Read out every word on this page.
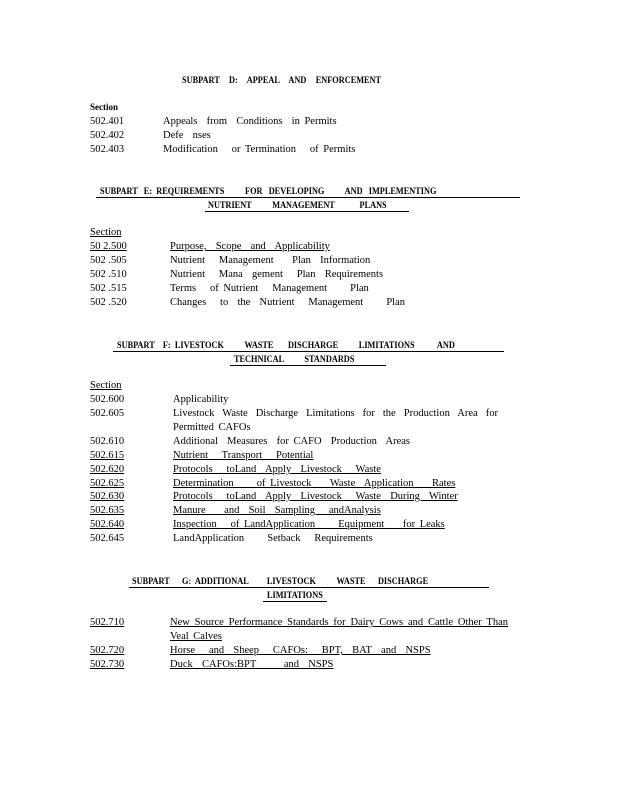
SUBPART D: APPEAL AND ENFORCEMENT
Section
502.401	Appeals  from  Conditions  in Permits
502.402	Defe  nses
502.403	Modification   or Termination   of Permits
SUBPART   E:  REQUIREMENTS          FOR   DEVELOPING          AND   IMPLEMENTING
NUTRIENT          MANAGEMENT            PLANS
Section
50 2.500	Purpose,  Scope  and  Applicability
502 .505	Nutrient   Management    Plan  Information
502 .510	Nutrient   Mana  gement   Plan  Requirements
502 .515	Terms   of Nutrient   Management     Plan
502 .520	Changes   to  the  Nutrient   Management     Plan
SUBPART    F:  LIVESTOCK          WASTE       DISCHARGE          LIMITATIONS           AND
TECHNICAL          STANDARDS
Section
502.600	Applicability
502.605	Livestock Waste Discharge Limitations for the Production Area for Permitted CAFOs
502.610	Additional  Measures  for CAFO  Production  Areas
502.615	Nutrient   Transport   Potential
502.620	Protocols   toLand  Apply  Livestock   Waste
502.625	Determination     of Livestock    Waste  Application    Rates
502.630	Protocols   toLand  Apply  Livestock   Waste  During  Winter
502.635	Manure    and  Soil  Sampling   andAnalysis
502.640	Inspection   of LandApplication     Equipment    for Leaks
502.645	LandApplication     Setback   Requirements
SUBPART      G:  ADDITIONAL         LIVESTOCK          WASTE      DISCHARGE
LIMITATIONS
502.710	New Source Performance Standards for Dairy Cows and Cattle Other Than Veal Calves
502.720	Horse   and  Sheep   CAFOs:   BPT,  BAT  and  NSPS
502.730	Duck  CAFOs:BPT      and  NSPS
